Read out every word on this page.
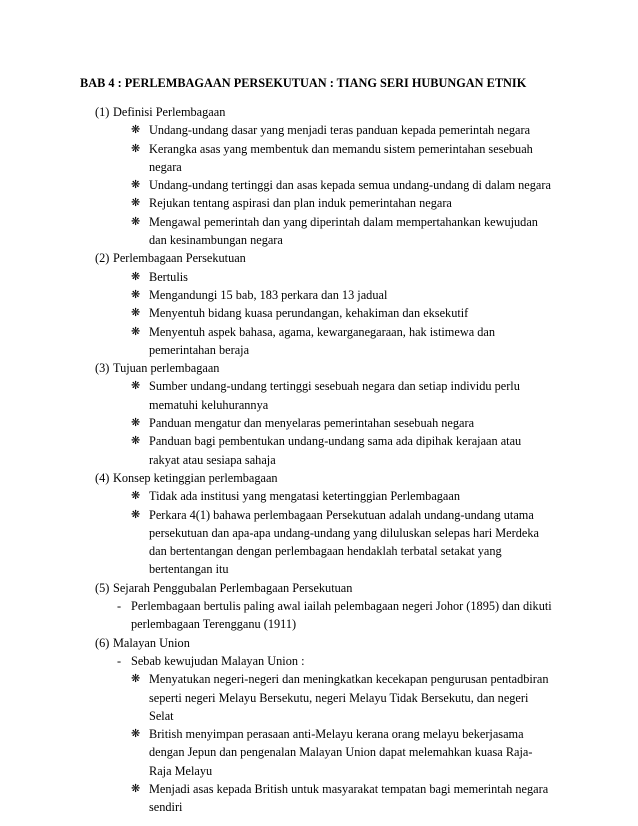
BAB 4 : PERLEMBAGAAN PERSEKUTUAN : TIANG SERI HUBUNGAN ETNIK
(1) Definisi Perlembagaan
❋ Undang-undang dasar yang menjadi teras panduan kepada pemerintah negara
❋ Kerangka asas yang membentuk dan memandu sistem pemerintahan sesebuah
negara
❋ Undang-undang tertinggi dan asas kepada semua undang-undang di dalam negara
❋ Rejukan tentang aspirasi dan plan induk pemerintahan negara
❋ Mengawal pemerintah dan yang diperintah dalam mempertahankan kewujudan
dan kesinambungan negara
(2) Perlembagaan Persekutuan
❋ Bertulis
❋ Mengandungi 15 bab, 183 perkara dan 13 jadual
❋ Menyentuh bidang kuasa perundangan, kehakiman dan eksekutif
❋ Menyentuh aspek bahasa, agama, kewarganegaraan, hak istimewa dan
pemerintahan beraja
(3) Tujuan perlembagaan
❋ Sumber undang-undang tertinggi sesebuah negara dan setiap individu perlu
mematuhi keluhurannya
❋ Panduan mengatur dan menyelaras pemerintahan sesebuah negara
❋ Panduan bagi pembentukan undang-undang sama ada dipihak kerajaan atau
rakyat atau sesiapa sahaja
(4) Konsep ketinggian perlembagaan
❋ Tidak ada institusi yang mengatasi ketertinggian Perlembagaan
❋ Perkara 4(1) bahawa perlembagaan Persekutuan adalah undang-undang utama
persekutuan dan apa-apa undang-undang yang diluluskan selepas hari Merdeka
dan bertentangan dengan perlembagaan hendaklah terbatal setakat yang
bertentangan itu
(5) Sejarah Penggubalan Perlembagaan Persekutuan
- Perlembagaan bertulis paling awal iailah pelembagaan negeri Johor (1895) dan dikuti
perlembagaan Terengganu (1911)
(6) Malayan Union
- Sebab kewujudan Malayan Union :
❋ Menyatukan negeri-negeri dan meningkatkan kecekapan pengurusan pentadbiran
seperti negeri Melayu Bersekutu, negeri Melayu Tidak Bersekutu, dan negeri
Selat
❋ British menyimpan perasaan anti-Melayu kerana orang melayu bekerjasama
dengan Jepun dan pengenalan Malayan Union dapat melemahkan kuasa Raja-
Raja Melayu
❋ Menjadi asas kepada British untuk masyarakat tempatan bagi memerintah negara
sendiri
